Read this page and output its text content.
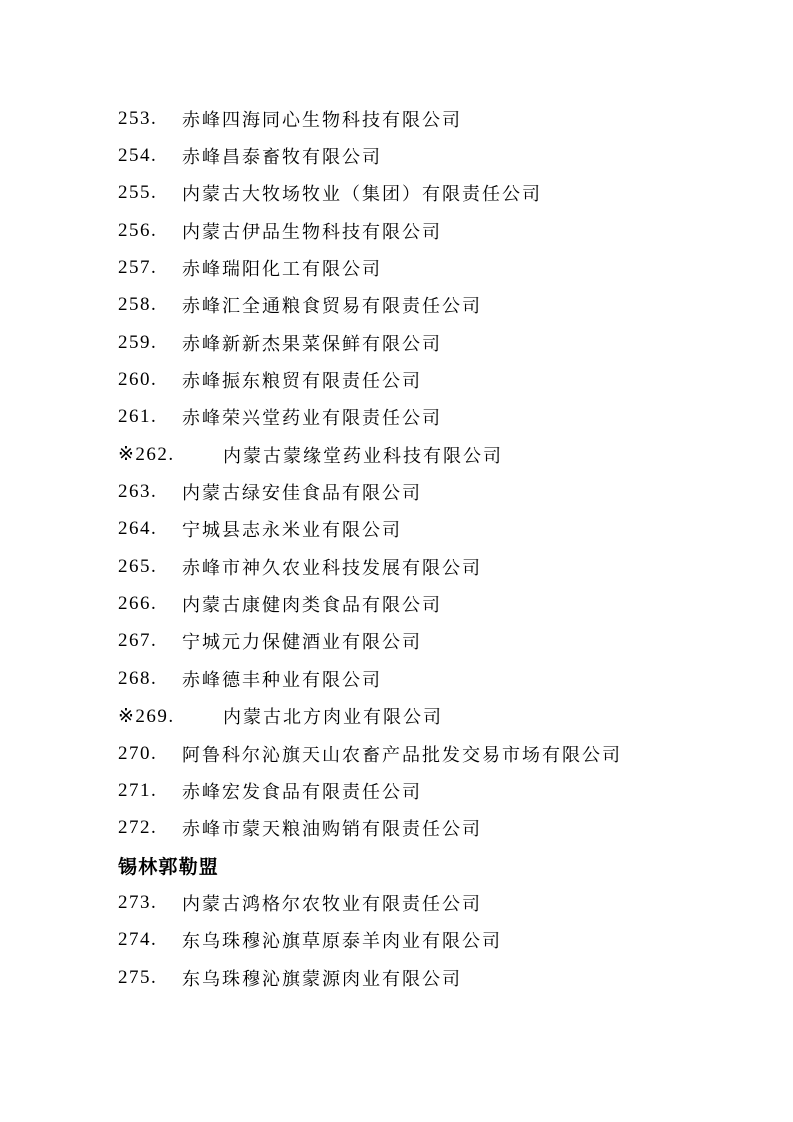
253.	赤峰四海同心生物科技有限公司
254.	赤峰昌泰畜牧有限公司
255.	内蒙古大牧场牧业（集团）有限责任公司
256.	内蒙古伊品生物科技有限公司
257.	赤峰瑞阳化工有限公司
258.	赤峰汇全通粮食贸易有限责任公司
259.	赤峰新新杰果菜保鲜有限公司
260.	赤峰振东粮贸有限责任公司
261.	赤峰荣兴堂药业有限责任公司
※262.	内蒙古蒙缘堂药业科技有限公司
263.	内蒙古绿安佳食品有限公司
264.	宁城县志永米业有限公司
265.	赤峰市神久农业科技发展有限公司
266.	内蒙古康健肉类食品有限公司
267.	宁城元力保健酒业有限公司
268.	赤峰德丰种业有限公司
※269.	内蒙古北方肉业有限公司
270.	阿鲁科尔沁旗天山农畜产品批发交易市场有限公司
271.	赤峰宏发食品有限责任公司
272.	赤峰市蒙天粮油购销有限责任公司
锡林郭勒盟
273.	内蒙古鸿格尔农牧业有限责任公司
274.	东乌珠穆沁旗草原泰羊肉业有限公司
275.	东乌珠穆沁旗蒙源肉业有限公司
